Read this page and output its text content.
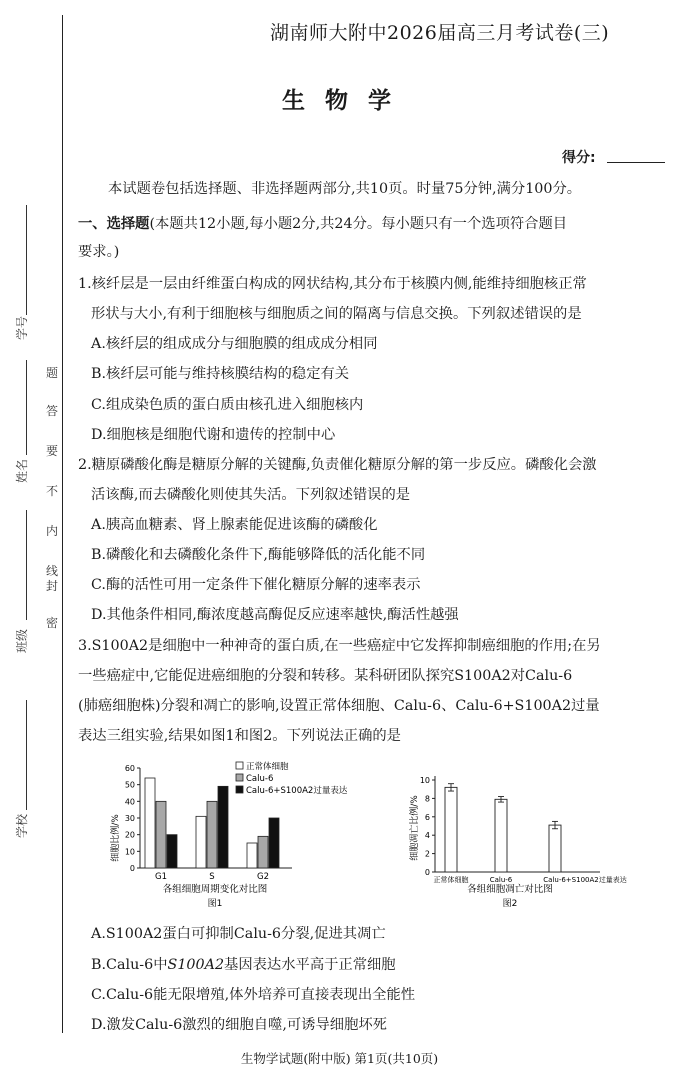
学号
姓名
班级
学校
密
封
线
内
不
要
答
题
湖南师大附中2026届高三月考试卷(三)
生 物 学
得分:
本试题卷包括选择题、非选择题两部分,共10页。时量75分钟,满分100分。
一、选择题(本题共12小题,每小题2分,共24分。每小题只有一个选项符合题目
要求。)
1.核纤层是一层由纤维蛋白构成的网状结构,其分布于核膜内侧,能维持细胞核正常
形状与大小,有利于细胞核与细胞质之间的隔离与信息交换。下列叙述错误的是
A.核纤层的组成成分与细胞膜的组成成分相同
B.核纤层可能与维持核膜结构的稳定有关
C.组成染色质的蛋白质由核孔进入细胞核内
D.细胞核是细胞代谢和遗传的控制中心
2.糖原磷酸化酶是糖原分解的关键酶,负责催化糖原分解的第一步反应。磷酸化会激
活该酶,而去磷酸化则使其失活。下列叙述错误的是
A.胰高血糖素、肾上腺素能促进该酶的磷酸化
B.磷酸化和去磷酸化条件下,酶能够降低的活化能不同
C.酶的活性可用一定条件下催化糖原分解的速率表示
D.其他条件相同,酶浓度越高酶促反应速率越快,酶活性越强
3.S100A2是细胞中一种神奇的蛋白质,在一些癌症中它发挥抑制癌细胞的作用;在另
一些癌症中,它能促进癌细胞的分裂和转移。某科研团队探究S100A2对Calu-6
(肺癌细胞株)分裂和凋亡的影响,设置正常体细胞、Calu-6、Calu-6+S100A2过量
表达三组实验,结果如图1和图2。下列说法正确的是
细胞比例/%
0
10
20
30
40
50
60
G1	S	G2
正常体细胞
Calu-6
Calu-6+S100A2过量表达
各组细胞周期变化对比图
图1
细胞凋亡比例/%
0
2
4
6
8
10
正常体细胞	Calu-6	Calu-6+S100A2过量表达
各组细胞凋亡对比图
图2
A.S100A2蛋白可抑制Calu-6分裂,促进其凋亡
B.Calu-6中S100A2基因表达水平高于正常细胞
C.Calu-6能无限增殖,体外培养可直接表现出全能性
D.激发Calu-6激烈的细胞自噬,可诱导细胞坏死
生物学试题(附中版) 第1页(共10页)
